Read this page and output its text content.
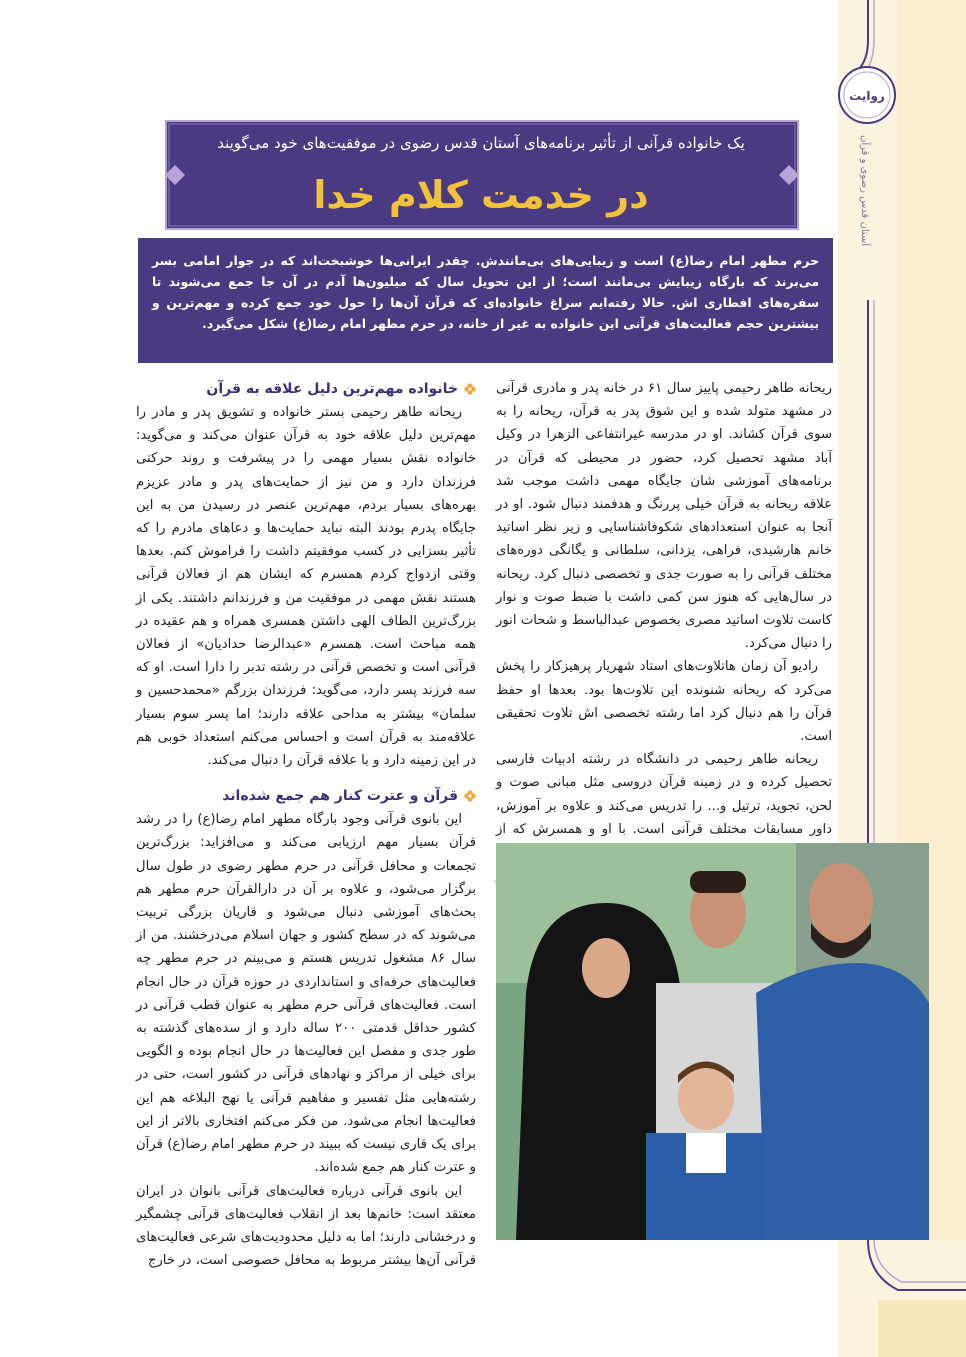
روایت
آستان قدس رضوی و قرآن
یک خانواده قرآنی از تأثیر برنامه‌های آستان قدس رضوی در موفقیت‌های خود می‌گویند
در خدمت کلام خدا

حرم مطهر امام رضا(ع) است و زیبایی‌های بی‌مانندش. چقدر ایرانی‌ها خوشبخت‌اند که در جوار امامی بسر می‌برند که بارگاه زیبایش بی‌مانند است؛ از این تحویل سال که میلیون‌ها آدم در آن جا جمع می‌شوند تا سفره‌های افطاری اش. حالا رفته‌ایم سراغ خانواده‌ای که قرآن آن‌ها را حول خود جمع کرده و مهم‌ترین و بیشترین حجم فعالیت‌های قرآنی این خانواده به غیر از خانه، در حرم مطهر امام رضا(ع) شکل می‌گیرد.

ریحانه طاهر رحیمی پاییز سال ۶۱ در خانه پدر و مادری قرآنی در مشهد متولد شده و این شوق پدر به قرآن، ریحانه را به سوی قرآن کشاند. او در مدرسه غیرانتفاعی الزهرا در وکیل آباد مشهد تحصیل کرد، حضور در محیطی که قرآن در برنامه‌های آموزشی شان جایگاه مهمی داشت موجب شد علاقه ریحانه به قرآن خیلی پررنگ و هدفمند دنبال شود. او در آنجا به عنوان استعدادهای شکوفاشناسایی و زیر نظر اساتید خانم هارشیدی، فراهی، یزدانی، سلطانی و یگانگی دوره‌های مختلف قرآنی را به صورت جدی و تخصصی دنبال کرد. ریحانه در سال‌هایی که هنوز سن کمی داشت با ضبط صوت و نوار کاست تلاوت اساتید مصری بخصوص عبدالباسط و شحات انور را دنبال می‌کرد.

رادیو آن زمان هاتلاوت‌های استاد شهریار پرهیزکار را پخش می‌کرد که ریحانه شنونده این تلاوت‌ها بود. بعدها او حفظ قرآن را هم دنبال کرد اما رشته تخصصی اش تلاوت تحقیقی است.

ریحانه طاهر رحیمی در دانشگاه در رشته ادبیات فارسی تحصیل کرده و در زمینه قرآن دروسی مثل مبانی صوت و لحن، تجوید، ترتیل و... را تدریس می‌کند و علاوه بر آموزش، داور مسابقات مختلف قرآنی است. با او و همسرش که از

خانواده مهم‌ترین دلیل علاقه به قرآن

ریحانه طاهر رحیمی بستر خانواده و تشویق پدر و مادر را مهم‌ترین دلیل علاقه خود به قرآن عنوان می‌کند و می‌گوید: خانواده نقش بسیار مهمی را در پیشرفت و روند حرکتی فرزندان دارد و من نیز از حمایت‌های پدر و مادر عزیزم بهره‌های بسیار بردم، مهم‌ترین عنصر در رسیدن من به این جایگاه پدرم بودند البته نباید حمایت‌ها و دعاهای مادرم را که تأثیر بسزایی در کسب موفقیتم داشت را فراموش کنم. بعدها وقتی ازدواج کردم همسرم که ایشان هم از فعالان قرآنی هستند نقش مهمی در موفقیت من و فرزندانم داشتند. یکی از بزرگ‌ترین الطاف الهی داشتن همسری همراه و هم عقیده در همه مباحث است. همسرم «عبدالرضا حدادیان» از فعالان قرآنی است و تخصص قرآنی در رشته تدبر را دارا است. او که سه فرزند پسر دارد، می‌گوید: فرزندان بزرگم «محمدحسین و سلمان» بیشتر به مداحی علاقه دارند؛ اما پسر سوم بسیار علاقه‌مند به قرآن است و احساس می‌کنم استعداد خوبی هم در این زمینه دارد و با علاقه قرآن را دنبال می‌کند.

قرآن و عترت کنار هم جمع شده‌اند

این بانوی قرآنی وجود بارگاه مطهر امام رضا(ع) را در رشد قرآن بسیار مهم ارزیابی می‌کند و می‌افزاید: بزرگ‌ترین تجمعات و محافل قرآنی در حرم مطهر رضوی در طول سال برگزار می‌شود، و علاوه بر آن در دارالقرآن حرم مطهر هم بحث‌های آموزشی دنبال می‌شود و قاریان بزرگی تربیت می‌شوند که در سطح کشور و جهان اسلام می‌درخشند. من از سال ۸۶ مشغول تدریس هستم و می‌بینم در حرم مطهر چه فعالیت‌های حرفه‌ای و استانداردی در حوزه قرآن در حال انجام است. فعالیت‌های قرآنی حرم مطهر به عنوان قطب قرآنی در کشور حداقل قدمتی ۲۰۰ ساله دارد و از سده‌های گذشته به طور جدی و مفصل این فعالیت‌ها در حال انجام بوده و الگویی برای خیلی از مراکز و نهادهای قرآنی در کشور است، حتی در رشته‌هایی مثل تفسیر و مفاهیم قرآنی یا نهج البلاغه هم این فعالیت‌ها انجام می‌شود. من فکر می‌کنم افتخاری بالاتر از این برای یک قاری نیست که ببیند در حرم مطهر امام رضا(ع) قرآن و عترت کنار هم جمع شده‌اند.

این بانوی قرآنی درباره فعالیت‌های قرآنی بانوان در ایران معتقد است: خانم‌ها بعد از انقلاب فعالیت‌های قرآنی چشمگیر و درخشانی دارند؛ اما به دلیل محدودیت‌های شرعی فعالیت‌های قرآنی آن‌ها بیشتر مربوط به محافل خصوصی است، در خارج
